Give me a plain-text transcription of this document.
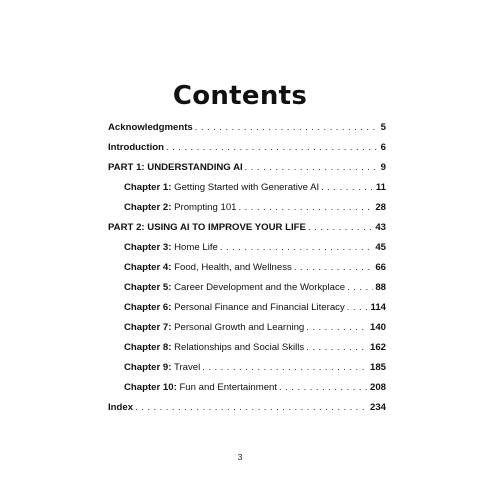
Contents
Acknowledgments . . .	5
Introduction . . .	6
PART 1: UNDERSTANDING AI . . .	9
Chapter 1: Getting Started with Generative AI . . .	11
Chapter 2: Prompting 101 . . .	28
PART 2: USING AI TO IMPROVE YOUR LIFE . . .	43
Chapter 3: Home Life . . .	45
Chapter 4: Food, Health, and Wellness . . .	66
Chapter 5: Career Development and the Workplace . . .	88
Chapter 6: Personal Finance and Financial Literacy . . .	114
Chapter 7: Personal Growth and Learning . . .	140
Chapter 8: Relationships and Social Skills . . .	162
Chapter 9: Travel . . .	185
Chapter 10: Fun and Entertainment . . .	208
Index . . .	234
3
